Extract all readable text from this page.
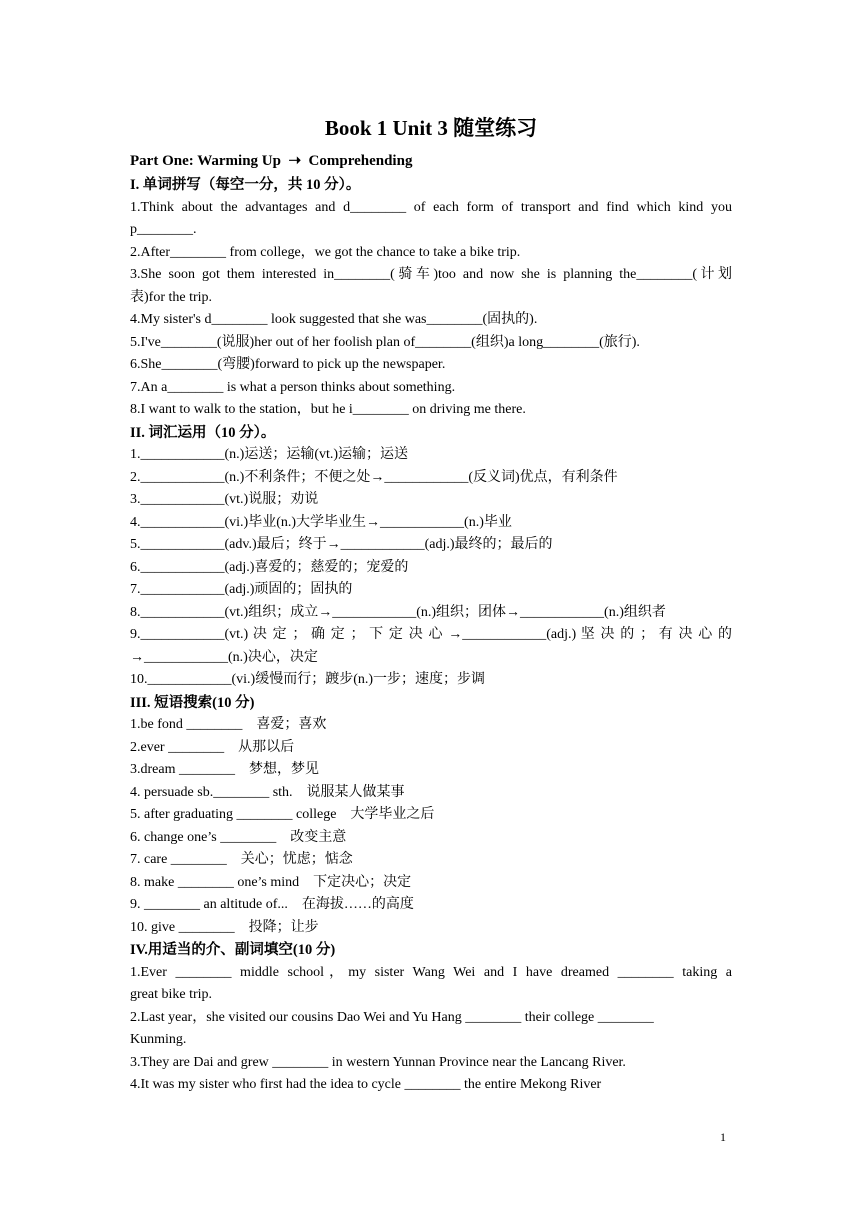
Book 1 Unit 3 随堂练习
Part One: Warming Up  ➝  Comprehending
I. 单词拼写（每空一分，共 10 分）。
1.Think about the advantages and d________ of each form of transport and find which kind you
p________.
2.After________ from college，we got the chance to take a bike trip.
3.She soon got them interested in________(骑车)too and now she is planning the________(计划
表)for the trip.
4.My sister's d________ look suggested that she was________(固执的).
5.I've________(说服)her out of her foolish plan of________(组织)a long________(旅行).
6.She________(弯腰)forward to pick up the newspaper.
7.An a________ is what a person thinks about something.
8.I want to walk to the station，but he i________ on driving me there.
II. 词汇运用（10 分）。
1.____________(n.)运送；运输(vt.)运输；运送
2.____________(n.)不利条件；不便之处→____________(反义词)优点，有利条件
3.____________(vt.)说服；劝说
4.____________(vi.)毕业(n.)大学毕业生→____________(n.)毕业
5.____________(adv.)最后；终于→____________(adj.)最终的；最后的
6.____________(adj.)喜爱的；慈爱的；宠爱的
7.____________(adj.)顽固的；固执的
8.____________(vt.)组织；成立→____________(n.)组织；团体→____________(n.)组织者
9.____________(vt.) 决 定 ； 确 定 ； 下 定 决 心 →____________(adj.) 坚 决 的 ； 有 决 心 的
→____________(n.)决心，决定
10.____________(vi.)缓慢而行；踱步(n.)一步；速度；步调
III. 短语搜索(10 分)
1.be fond ________    喜爱；喜欢
2.ever ________    从那以后
3.dream ________    梦想，梦见
4. persuade sb.________ sth.    说服某人做某事
5. after graduating ________ college    大学毕业之后
6. change one’s ________    改变主意
7. care ________    关心；忧虑；惦念
8. make ________ one’s mind    下定决心；决定
9. ________ an altitude of...    在海拔……的高度
10. give ________    投降；让步
IV.用适当的介、副词填空(10 分)
1.Ever ________ middle school，my sister Wang Wei and I have dreamed ________ taking a
great bike trip.
2.Last year，she visited our cousins Dao Wei and Yu Hang ________ their college ________
Kunming.
3.They are Dai and grew ________ in western Yunnan Province near the Lancang River.
4.It was my sister who first had the idea to cycle ________ the entire Mekong River
1
